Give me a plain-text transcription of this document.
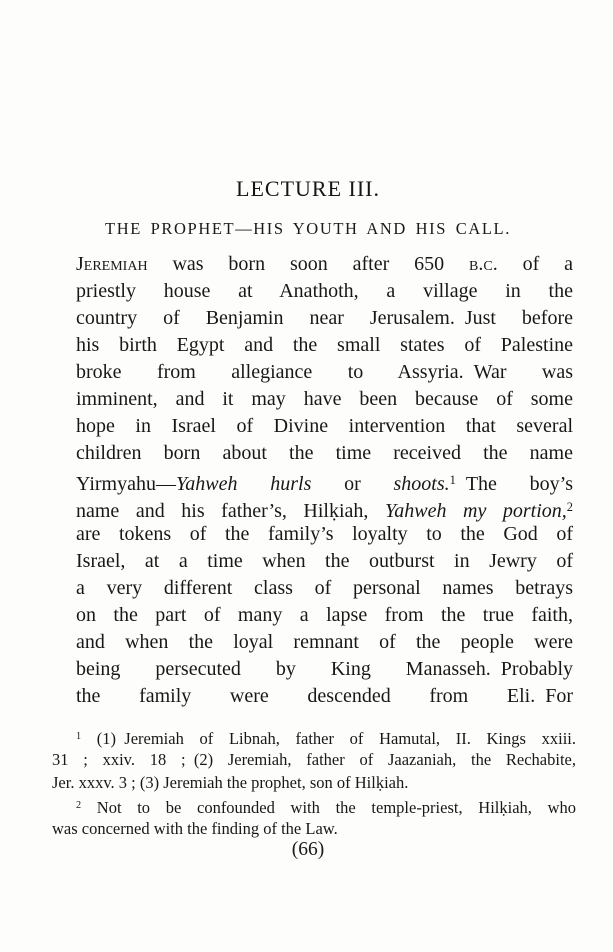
LECTURE III.
THE PROPHET—HIS YOUTH AND HIS CALL.
Jeremiah was born soon after 650 b.c. of a
priestly house at Anathoth, a village in the
country of Benjamin near Jerusalem. Just before
his birth Egypt and the small states of Palestine
broke from allegiance to Assyria. War was
imminent, and it may have been because of some
hope in Israel of Divine intervention that several
children born about the time received the name
Yirmyahu—Yahweh hurls or shoots.$^1$ The boy’s
name and his father’s, Hilḳiah, Yahweh my portion,$^2$
are tokens of the family’s loyalty to the God of
Israel, at a time when the outburst in Jewry of
a very different class of personal names betrays
on the part of many a lapse from the true faith,
and when the loyal remnant of the people were
being persecuted by King Manasseh. Probably
the family were descended from Eli. For
$^1$ (1) Jeremiah of Libnah, father of Hamutal, II. Kings xxiii.
31 ; xxiv. 18 ; (2) Jeremiah, father of Jaazaniah, the Rechabite,
Jer. xxxv. 3 ; (3) Jeremiah the prophet, son of Hilḳiah.
$^2$ Not to be confounded with the temple-priest, Hilḳiah, who
was concerned with the finding of the Law.
(66)
